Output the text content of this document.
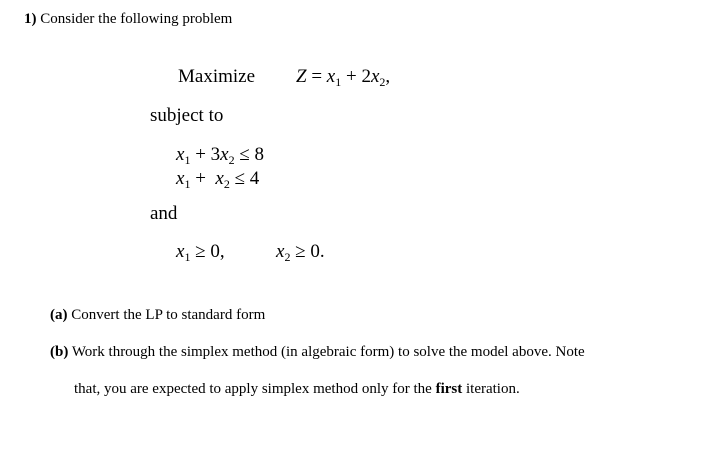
1) Consider the following problem
Maximize $Z = x_1 + 2x_2$,
subject to
$x_1 + 3x_2 \le 8$
$x_1 + x_2 \le 4$
and
$x_1 \ge 0$,	$x_2 \ge 0$.
(a) Convert the LP to standard form
(b) Work through the simplex method (in algebraic form) to solve the model above. Note
that, you are expected to apply simplex method only for the first iteration.
